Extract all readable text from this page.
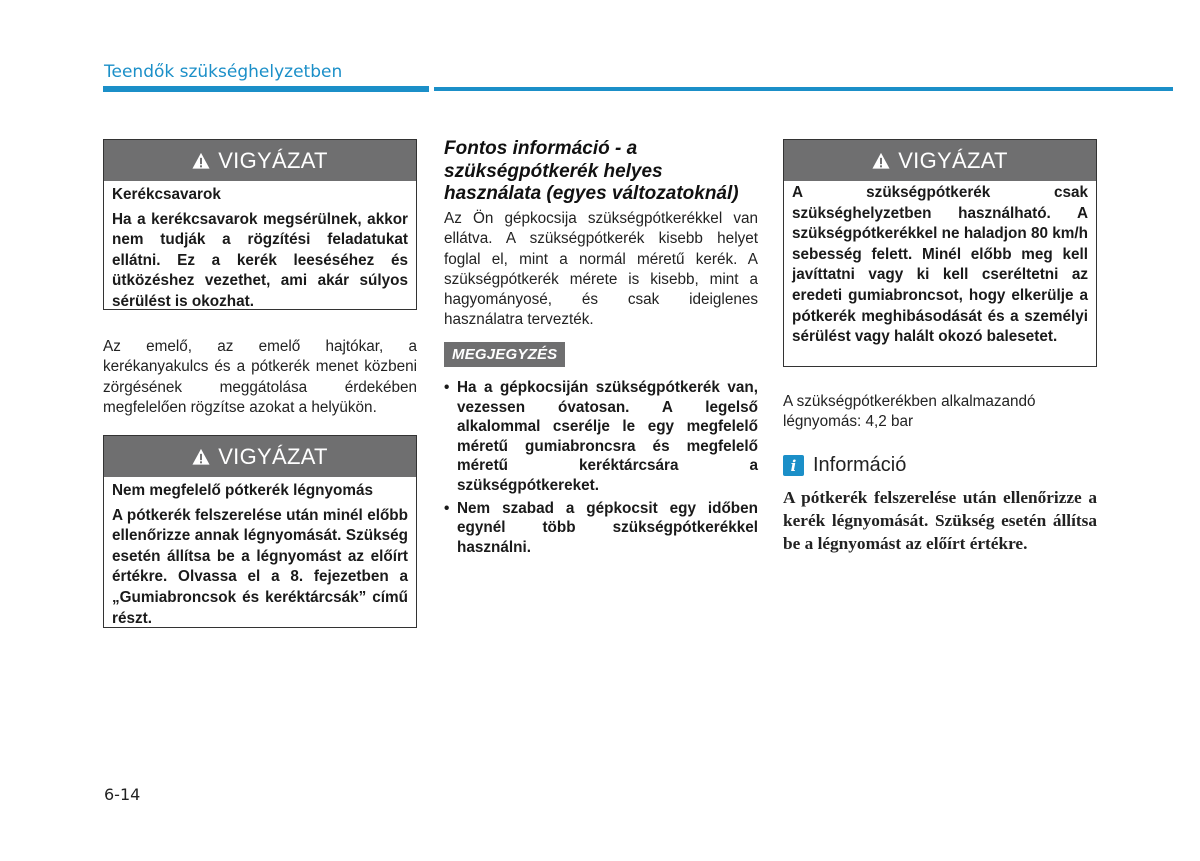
Teendők szükséghelyzetben
VIGYÁZAT
Kerékcsavarok
Ha a kerékcsavarok megsérülnek, akkor nem tudják a rögzítési feladatukat ellátni. Ez a kerék leeséséhez és ütközéshez vezethet, ami akár súlyos sérülést is okozhat.
Az emelő, az emelő hajtókar, a kerékanyakulcs és a pótkerék menet közbeni zörgésének meggátolása érdekében megfelelően rögzítse azokat a helyükön.
VIGYÁZAT
Nem megfelelő pótkerék légnyomás
A pótkerék felszerelése után minél előbb ellenőrizze annak légnyomását. Szükség esetén állítsa be a légnyomást az előírt értékre. Olvassa el a 8. fejezetben a „Gumiabroncsok és keréktárcsák” című részt.
Fontos információ - a szükségpótkerék helyes használata (egyes változatoknál)
Az Ön gépkocsija szükségpótkerékkel van ellátva. A szükségpótkerék kisebb helyet foglal el, mint a normál méretű kerék. A szükségpótkerék mérete is kisebb, mint a hagyományosé, és csak ideiglenes használatra tervezték.
MEGJEGYZÉS
• Ha a gépkocsiján szükségpótkerék van, vezessen óvatosan. A legelső alkalommal cserélje le egy megfelelő méretű gumiabroncsra és megfelelő méretű keréktárcsára a szükségpótkereket.
• Nem szabad a gépkocsit egy időben egynél több szükségpótkerékkel használni.
VIGYÁZAT
A szükségpótkerék csak szükséghelyzetben használható. A szükségpótkerékkel ne haladjon 80 km/h sebesség felett. Minél előbb meg kell javíttatni vagy ki kell cseréltetni az eredeti gumiabroncsot, hogy elkerülje a pótkerék meghibásodását és a személyi sérülést vagy halált okozó balesetet.
A szükségpótkerékben alkalmazandó légnyomás: 4,2 bar
i Információ
A pótkerék felszerelése után ellenőrizze a kerék légnyomását. Szükség esetén állítsa be a légnyomást az előírt értékre.
6-14
